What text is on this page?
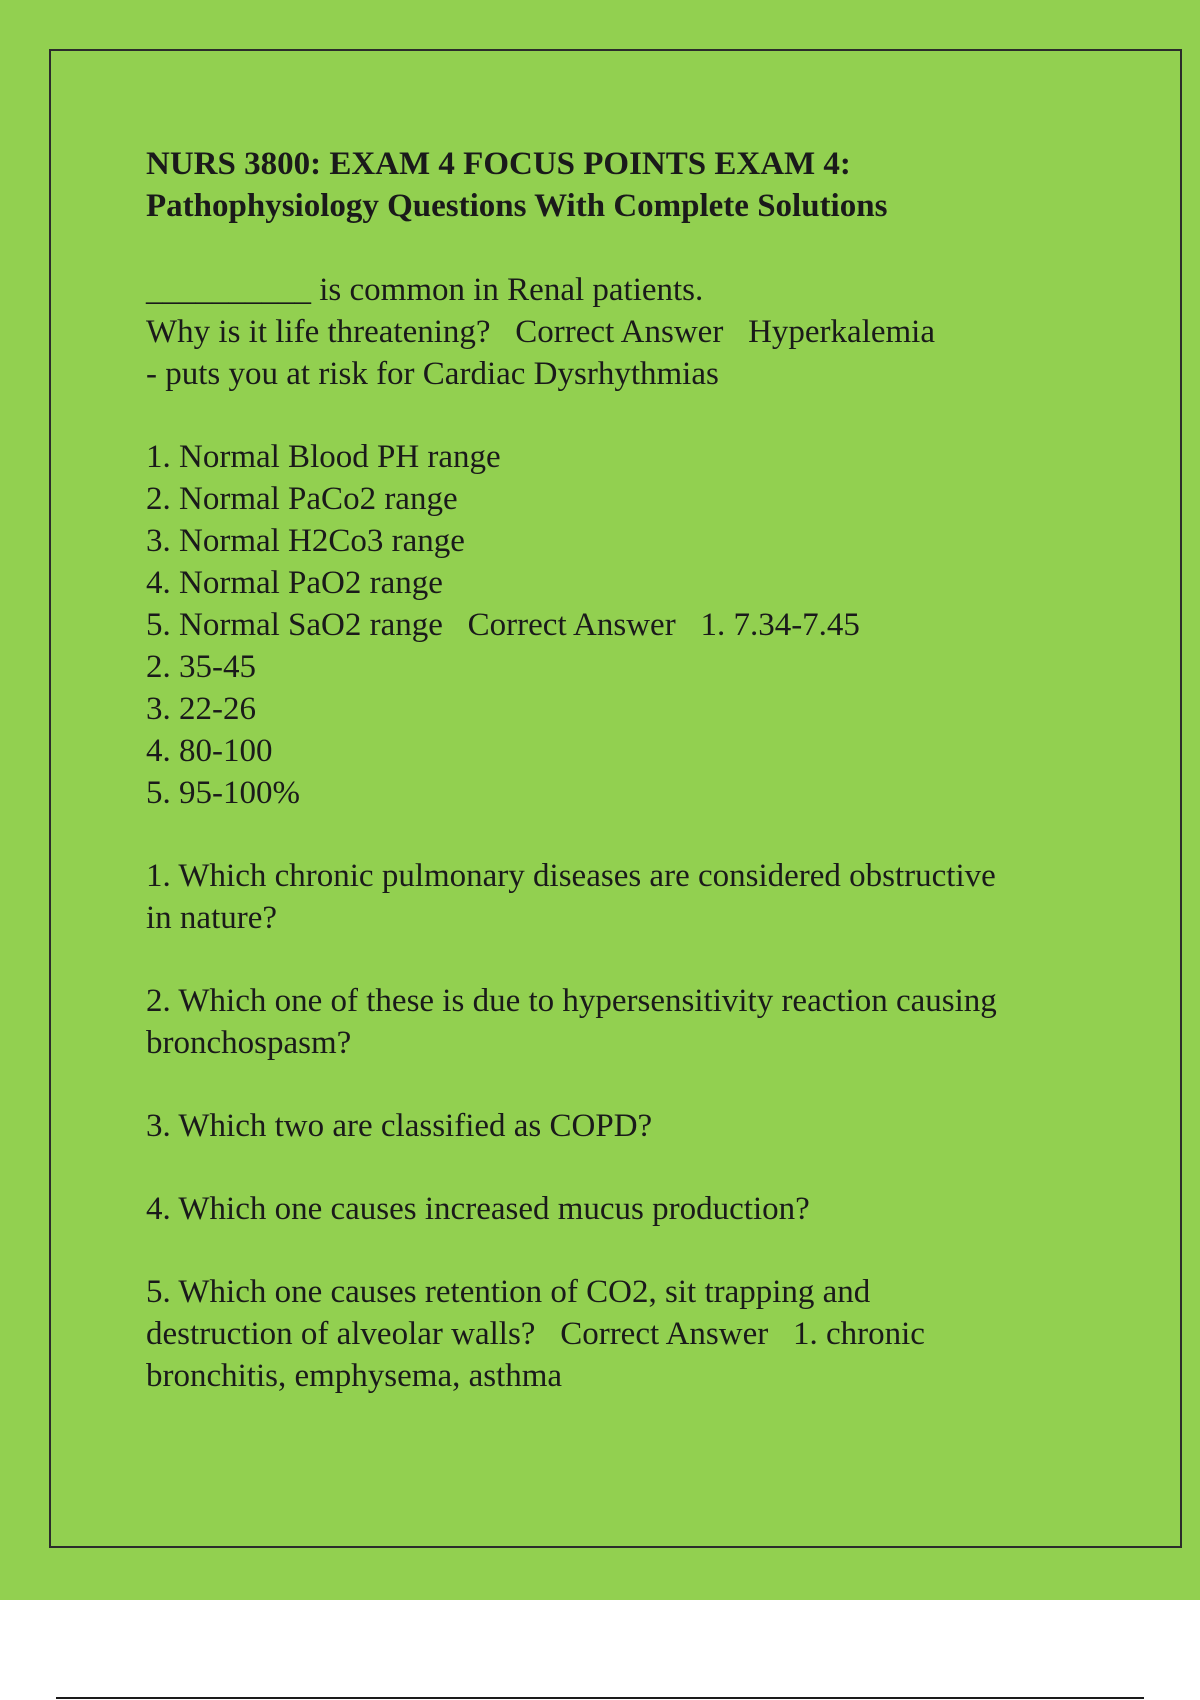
NURS 3800: EXAM 4 FOCUS POINTS EXAM 4:
Pathophysiology Questions With Complete Solutions
__________ is common in Renal patients.
Why is it life threatening?   Correct Answer   Hyperkalemia
- puts you at risk for Cardiac Dysrhythmias
1. Normal Blood PH range
2. Normal PaCo2 range
3. Normal H2Co3 range
4. Normal PaO2 range
5. Normal SaO2 range   Correct Answer   1. 7.34-7.45
2. 35-45
3. 22-26
4. 80-100
5. 95-100%
1. Which chronic pulmonary diseases are considered obstructive
in nature?
2. Which one of these is due to hypersensitivity reaction causing
bronchospasm?
3. Which two are classified as COPD?
4. Which one causes increased mucus production?
5. Which one causes retention of CO2, sit trapping and
destruction of alveolar walls?   Correct Answer   1. chronic
bronchitis, emphysema, asthma
